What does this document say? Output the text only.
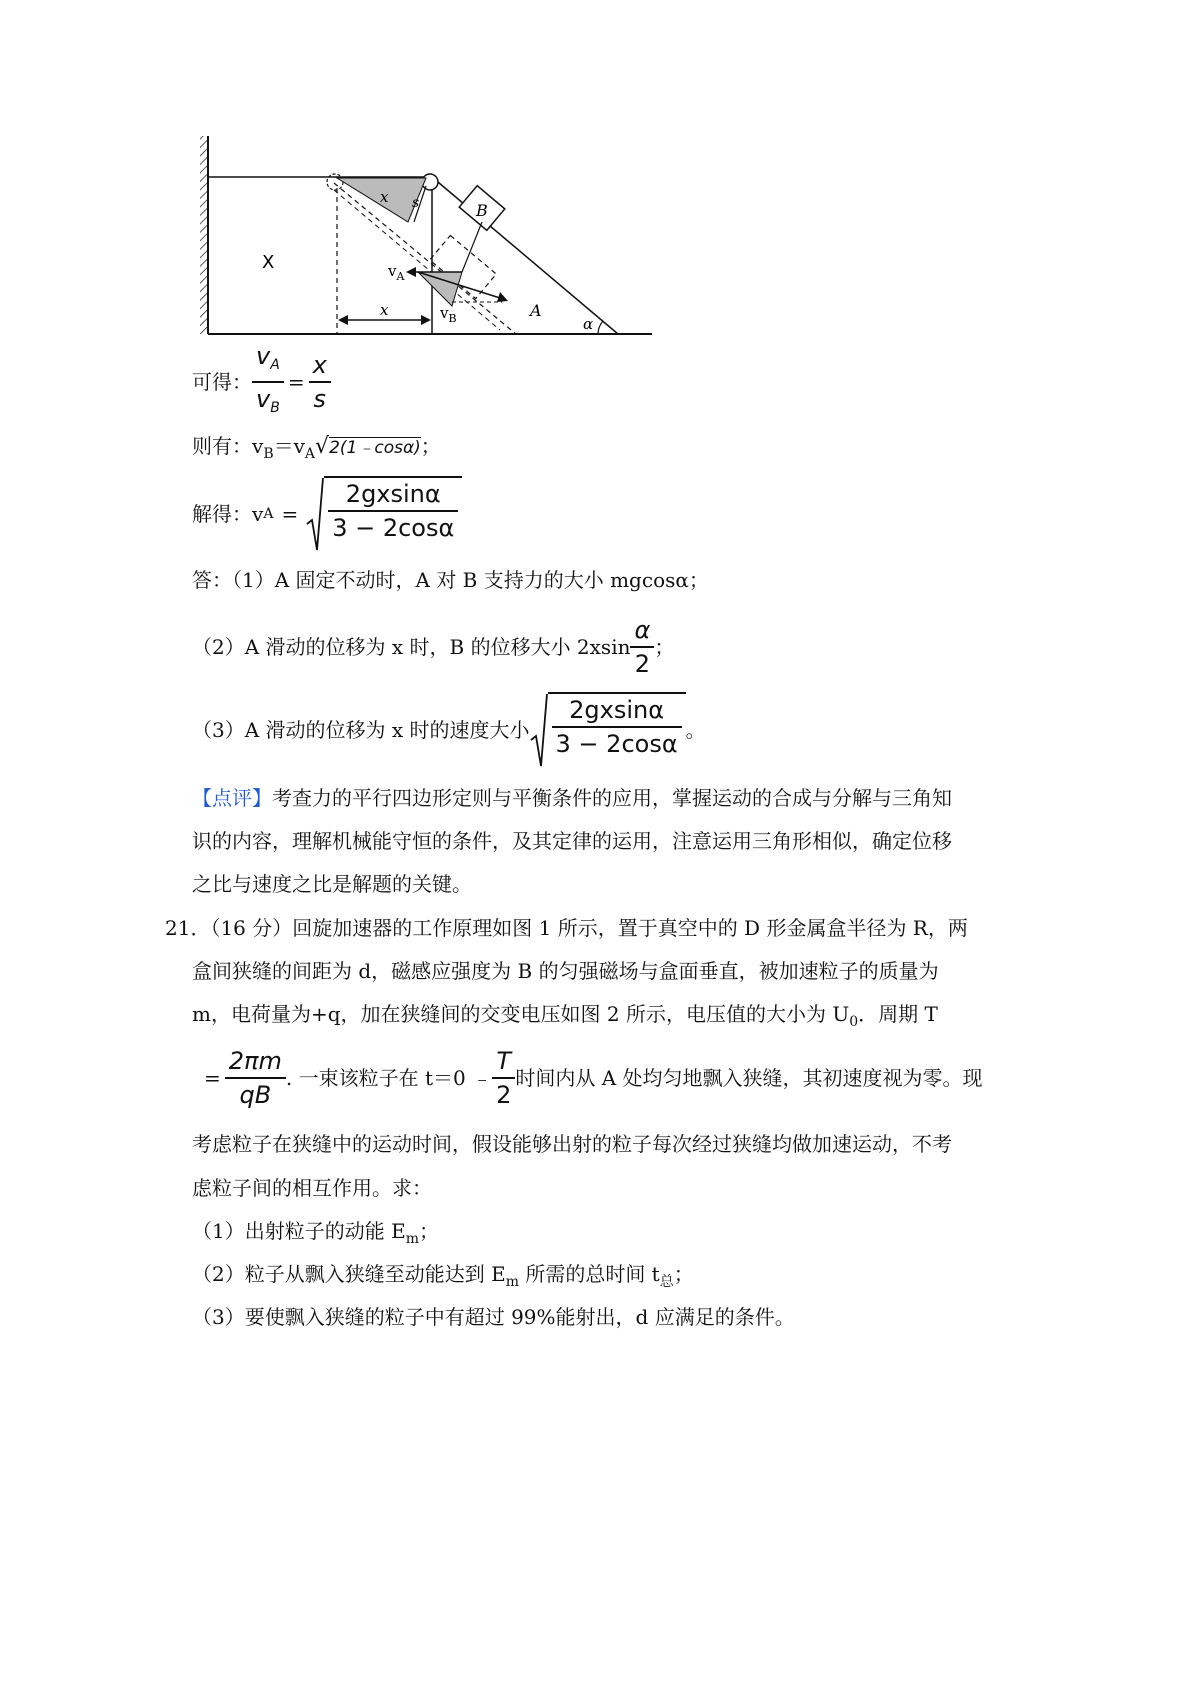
X
x s	B
$v_A$
$v_B$
x	A
α
可得： $\frac{v_A}{v_B} = \frac{x}{s}$
则有：$v_B=v_A√2(1﹣\cos\alpha)$；
解得： v A =	$\frac{2gxsin\alpha}{3 - 2\cos\alpha}$
答：（1）A 固定不动时，A 对 B 支持力的大小 mgcosα；
（2）A 滑动的位移为 x 时，B 的位移大小 $2xsin \frac{\alpha}{2}$ ；
（3）A 滑动的位移为 x 时的速度大小 $\frac{2gxsin\alpha}{3 - 2\cos\alpha}$ 。
【点评】考查力的平行四边形定则与平衡条件的应用，掌握运动的合成与分解与三角知
识的内容，理解机械能守恒的条件，及其定律的运用，注意运用三角形相似，确定位移
之比与速度之比是解题的关键。
21．（16 分）回旋加速器的工作原理如图 1 所示，置于真空中的 D 形金属盒半径为 R，两
盒间狭缝的间距为 d，磁感应强度为 B 的匀强磁场与盒面垂直，被加速粒子的质量为
m，电荷量为+q，加在狭缝间的交变电压如图 2 所示，电压值的大小为 $U_0$．周期 T
= $\frac{2\pi m}{qB}$ . 一束该粒子在 t＝0 ﹣ $\frac{T}{2}$ 时间内从 A 处均匀地飘入狭缝，其初速度视为零。现
考虑粒子在狭缝中的运动时间，假设能够出射的粒子每次经过狭缝均做加速运动，不考
虑粒子间的相互作用。求：
（1）出射粒子的动能 $E_m$；
（2）粒子从飘入狭缝至动能达到 $E_m$ 所需的总时间 $t_总$；
（3）要使飘入狭缝的粒子中有超过 99%能射出，d 应满足的条件。
